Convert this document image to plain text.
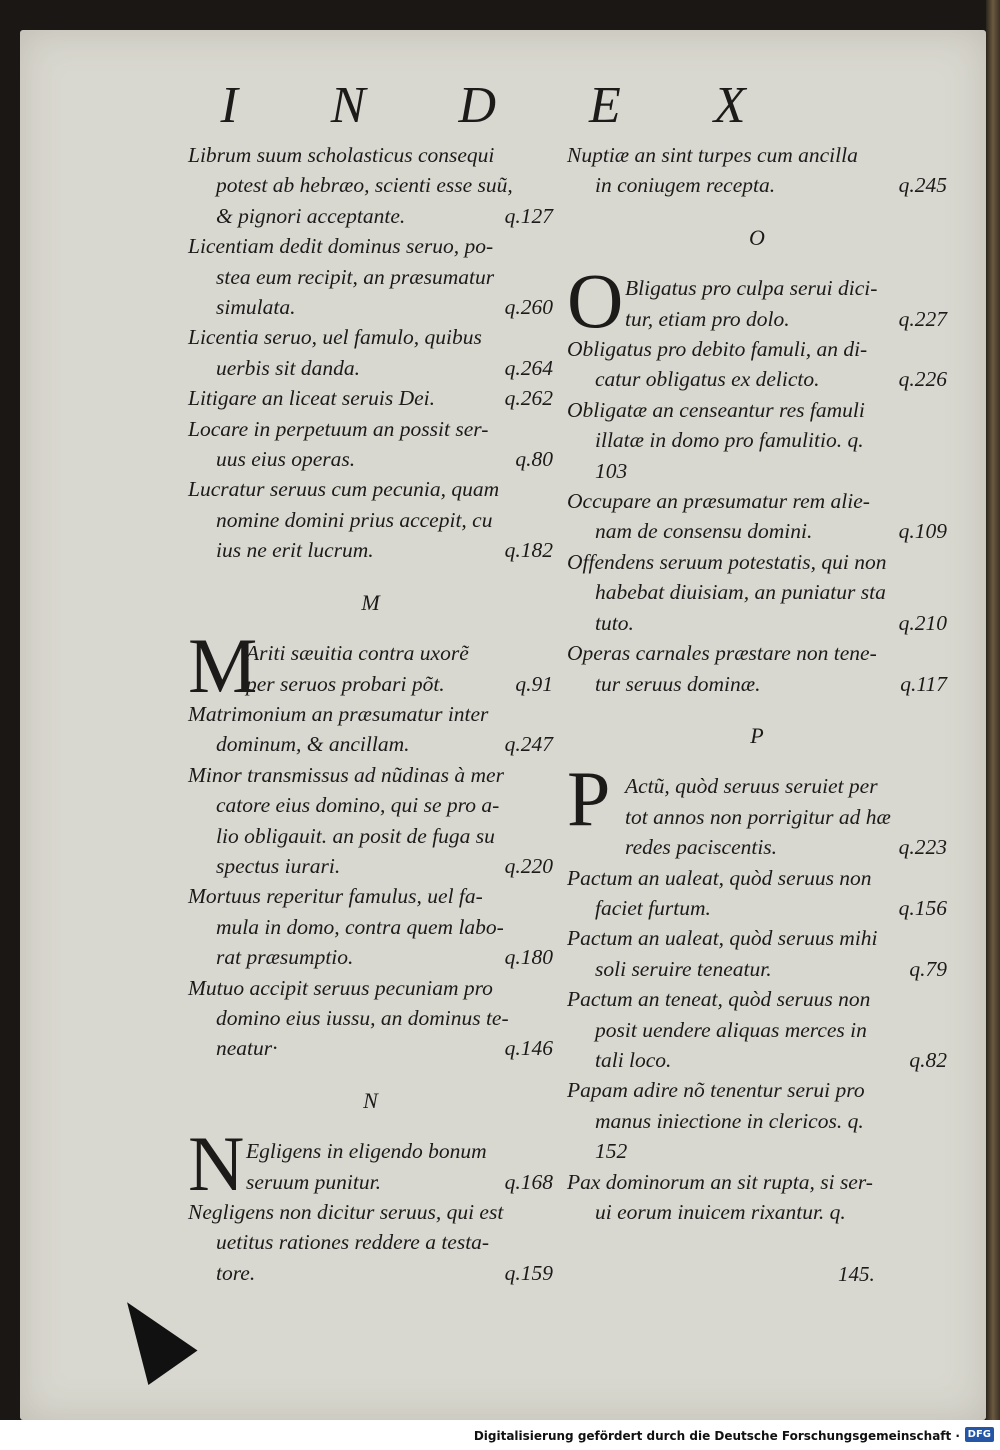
I N D E X
Librum suum scholasticus consequi
potest ab hebræo, scienti esse suũ,
& pignori acceptante.	q.127
Licentiam dedit dominus seruo, po-
stea eum recipit, an præsumatur
simulata.	q.260
Licentia seruo, uel famulo, quibus
uerbis sit danda.	q.264
Litigare an liceat seruis Dei.	q.262
Locare in perpetuum an possit ser-
uus eius operas.	q.80
Lucratur seruus cum pecunia, quam
nomine domini prius accepit, cu
ius ne erit lucrum.	q.182
M
M
Ariti sæuitia contra uxorẽ
per seruos probari põt.	q.91
Matrimonium an præsumatur inter
dominum, & ancillam.	q.247
Minor transmissus ad nũdinas à mer
catore eius domino, qui se pro a-
lio obligauit. an posit de fuga su
spectus iurari.	q.220
Mortuus reperitur famulus, uel fa-
mula in domo, contra quem labo-
rat præsumptio.	q.180
Mutuo accipit seruus pecuniam pro
domino eius iussu, an dominus te-
neatur·	q.146
N
N Egligens in eligendo bonum
seruum punitur.	q.168
Negligens non dicitur seruus, qui est
uetitus rationes reddere a testa-
tore.	q.159
Nuptiæ an sint turpes cum ancilla
in coniugem recepta.	q.245
O
O Bligatus pro culpa serui dici-
tur, etiam pro dolo.	q.227
Obligatus pro debito famuli, an di-
catur obligatus ex delicto.	q.226
Obligatæ an censeantur res famuli
illatæ in domo pro famulitio. q.
103
Occupare an præsumatur rem alie-
nam de consensu domini.	q.109
Offendens seruum potestatis, qui non
habebat diuisiam, an puniatur sta
tuto.	q.210
Operas carnales præstare non tene-
tur seruus dominæ.	q.117
P
P Actũ, quòd seruus seruiet per
tot annos non porrigitur ad hæ
redes paciscentis.	q.223
Pactum an ualeat, quòd seruus non
faciet furtum.	q.156
Pactum an ualeat, quòd seruus mihi
soli seruire teneatur.	q.79
Pactum an teneat, quòd seruus non
posit uendere aliquas merces in
tali loco.	q.82
Papam adire nõ tenentur serui pro
manus iniectione in clericos. q.
152
Pax dominorum an sit rupta, si ser-
ui eorum inuicem rixantur. q.
145.
Digitalisierung gefördert durch die Deutsche Forschungsgemeinschaft · DFG
